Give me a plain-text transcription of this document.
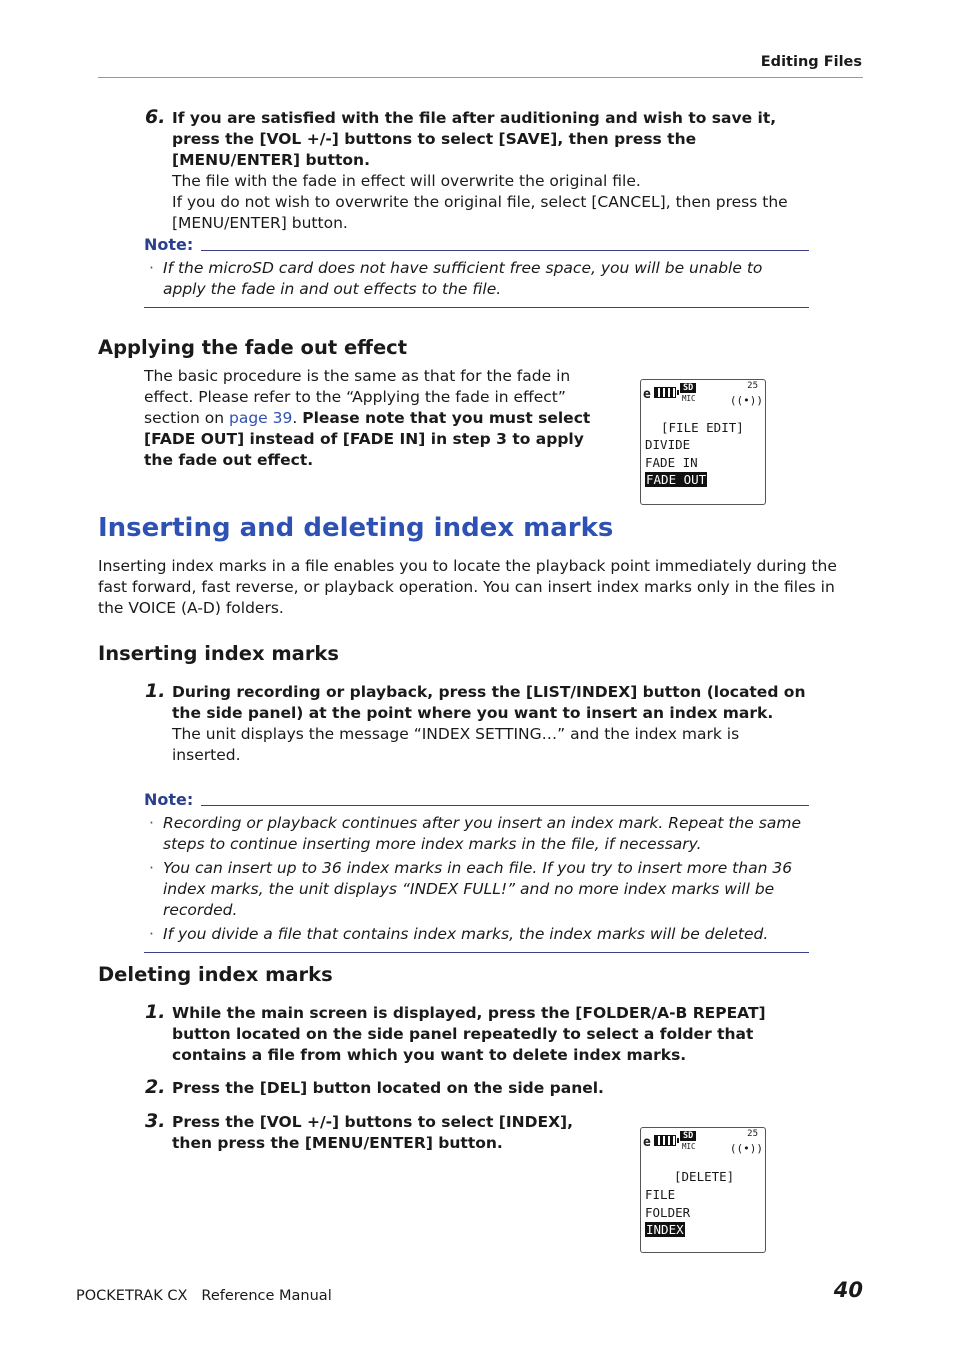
Editing Files
6. If you are satisfied with the file after auditioning and wish to save it, press the [VOL +/-] buttons to select [SAVE], then press the [MENU/ENTER] button.

The file with the fade in effect will overwrite the original file.

If you do not wish to overwrite the original file, select [CANCEL], then press the [MENU/ENTER] button.

Note:
· If the microSD card does not have sufficient free space, you will be unable to apply the fade in and out effects to the file.
Applying the fade out effect

The basic procedure is the same as that for the fade in effect. Please refer to the “Applying the fade in effect” section on page 39. Please note that you must select [FADE OUT] instead of [FADE IN] in step 3 to apply the fade out effect.

e	SD
MIC
25
((•))
[FILE EDIT]
DIVIDE
FADE IN
FADE OUT
Inserting and deleting index marks

Inserting index marks in a file enables you to locate the playback point immediately during the fast forward, fast reverse, or playback operation. You can insert index marks only in the files in the VOICE (A-D) folders.

Inserting index marks
1. During recording or playback, press the [LIST/INDEX] button (located on the side panel) at the point where you want to insert an index mark.

The unit displays the message “INDEX SETTING…” and the index mark is inserted.

Note:
· Recording or playback continues after you insert an index mark. Repeat the same steps to continue inserting more index marks in the file, if necessary.
· You can insert up to 36 index marks in each file. If you try to insert more than 36 index marks, the unit displays “INDEX FULL!” and no more index marks will be recorded.
· If you divide a file that contains index marks, the index marks will be deleted.
Deleting index marks
1. While the main screen is displayed, press the [FOLDER/A-B REPEAT] button located on the side panel repeatedly to select a folder that contains a file from which you want to delete index marks.

2. Press the [DEL] button located on the side panel.

3. Press the [VOL +/-] buttons to select [INDEX], then press the [MENU/ENTER] button.	e	SD
MIC
25
((•))
[DELETE]
FILE
FOLDER
INDEX
POCKETRAK CX Reference Manual	40
